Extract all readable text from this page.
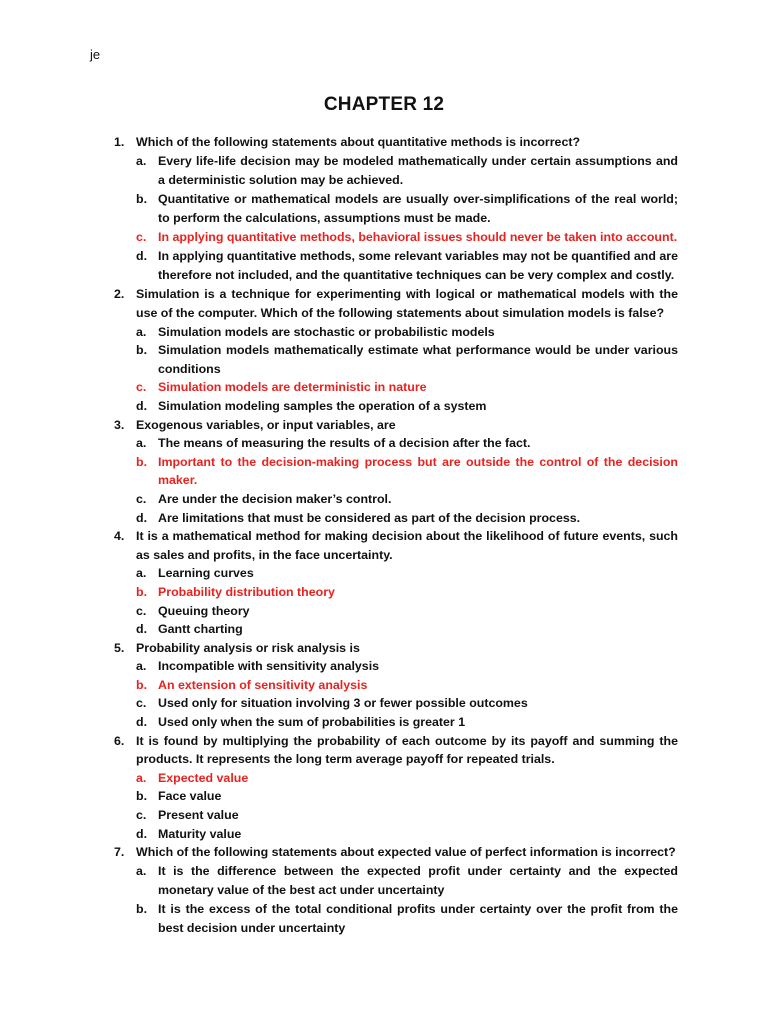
je
CHAPTER 12
1. Which of the following statements about quantitative methods is incorrect?
a. Every life-life decision may be modeled mathematically under certain assumptions and a deterministic solution may be achieved.
b. Quantitative or mathematical models are usually over-simplifications of the real world; to perform the calculations, assumptions must be made.
c. In applying quantitative methods, behavioral issues should never be taken into account.
d. In applying quantitative methods, some relevant variables may not be quantified and are therefore not included, and the quantitative techniques can be very complex and costly.
2. Simulation is a technique for experimenting with logical or mathematical models with the use of the computer. Which of the following statements about simulation models is false?
a. Simulation models are stochastic or probabilistic models
b. Simulation models mathematically estimate what performance would be under various conditions
c. Simulation models are deterministic in nature
d. Simulation modeling samples the operation of a system
3. Exogenous variables, or input variables, are
a. The means of measuring the results of a decision after the fact.
b. Important to the decision-making process but are outside the control of the decision maker.
c. Are under the decision maker’s control.
d. Are limitations that must be considered as part of the decision process.
4. It is a mathematical method for making decision about the likelihood of future events, such as sales and profits, in the face uncertainty.
a. Learning curves
b. Probability distribution theory
c. Queuing theory
d. Gantt charting
5. Probability analysis or risk analysis is
a. Incompatible with sensitivity analysis
b. An extension of sensitivity analysis
c. Used only for situation involving 3 or fewer possible outcomes
d. Used only when the sum of probabilities is greater 1
6. It is found by multiplying the probability of each outcome by its payoff and summing the products. It represents the long term average payoff for repeated trials.
a. Expected value
b. Face value
c. Present value
d. Maturity value
7. Which of the following statements about expected value of perfect information is incorrect?
a. It is the difference between the expected profit under certainty and the expected monetary value of the best act under uncertainty
b. It is the excess of the total conditional profits under certainty over the profit from the best decision under uncertainty
